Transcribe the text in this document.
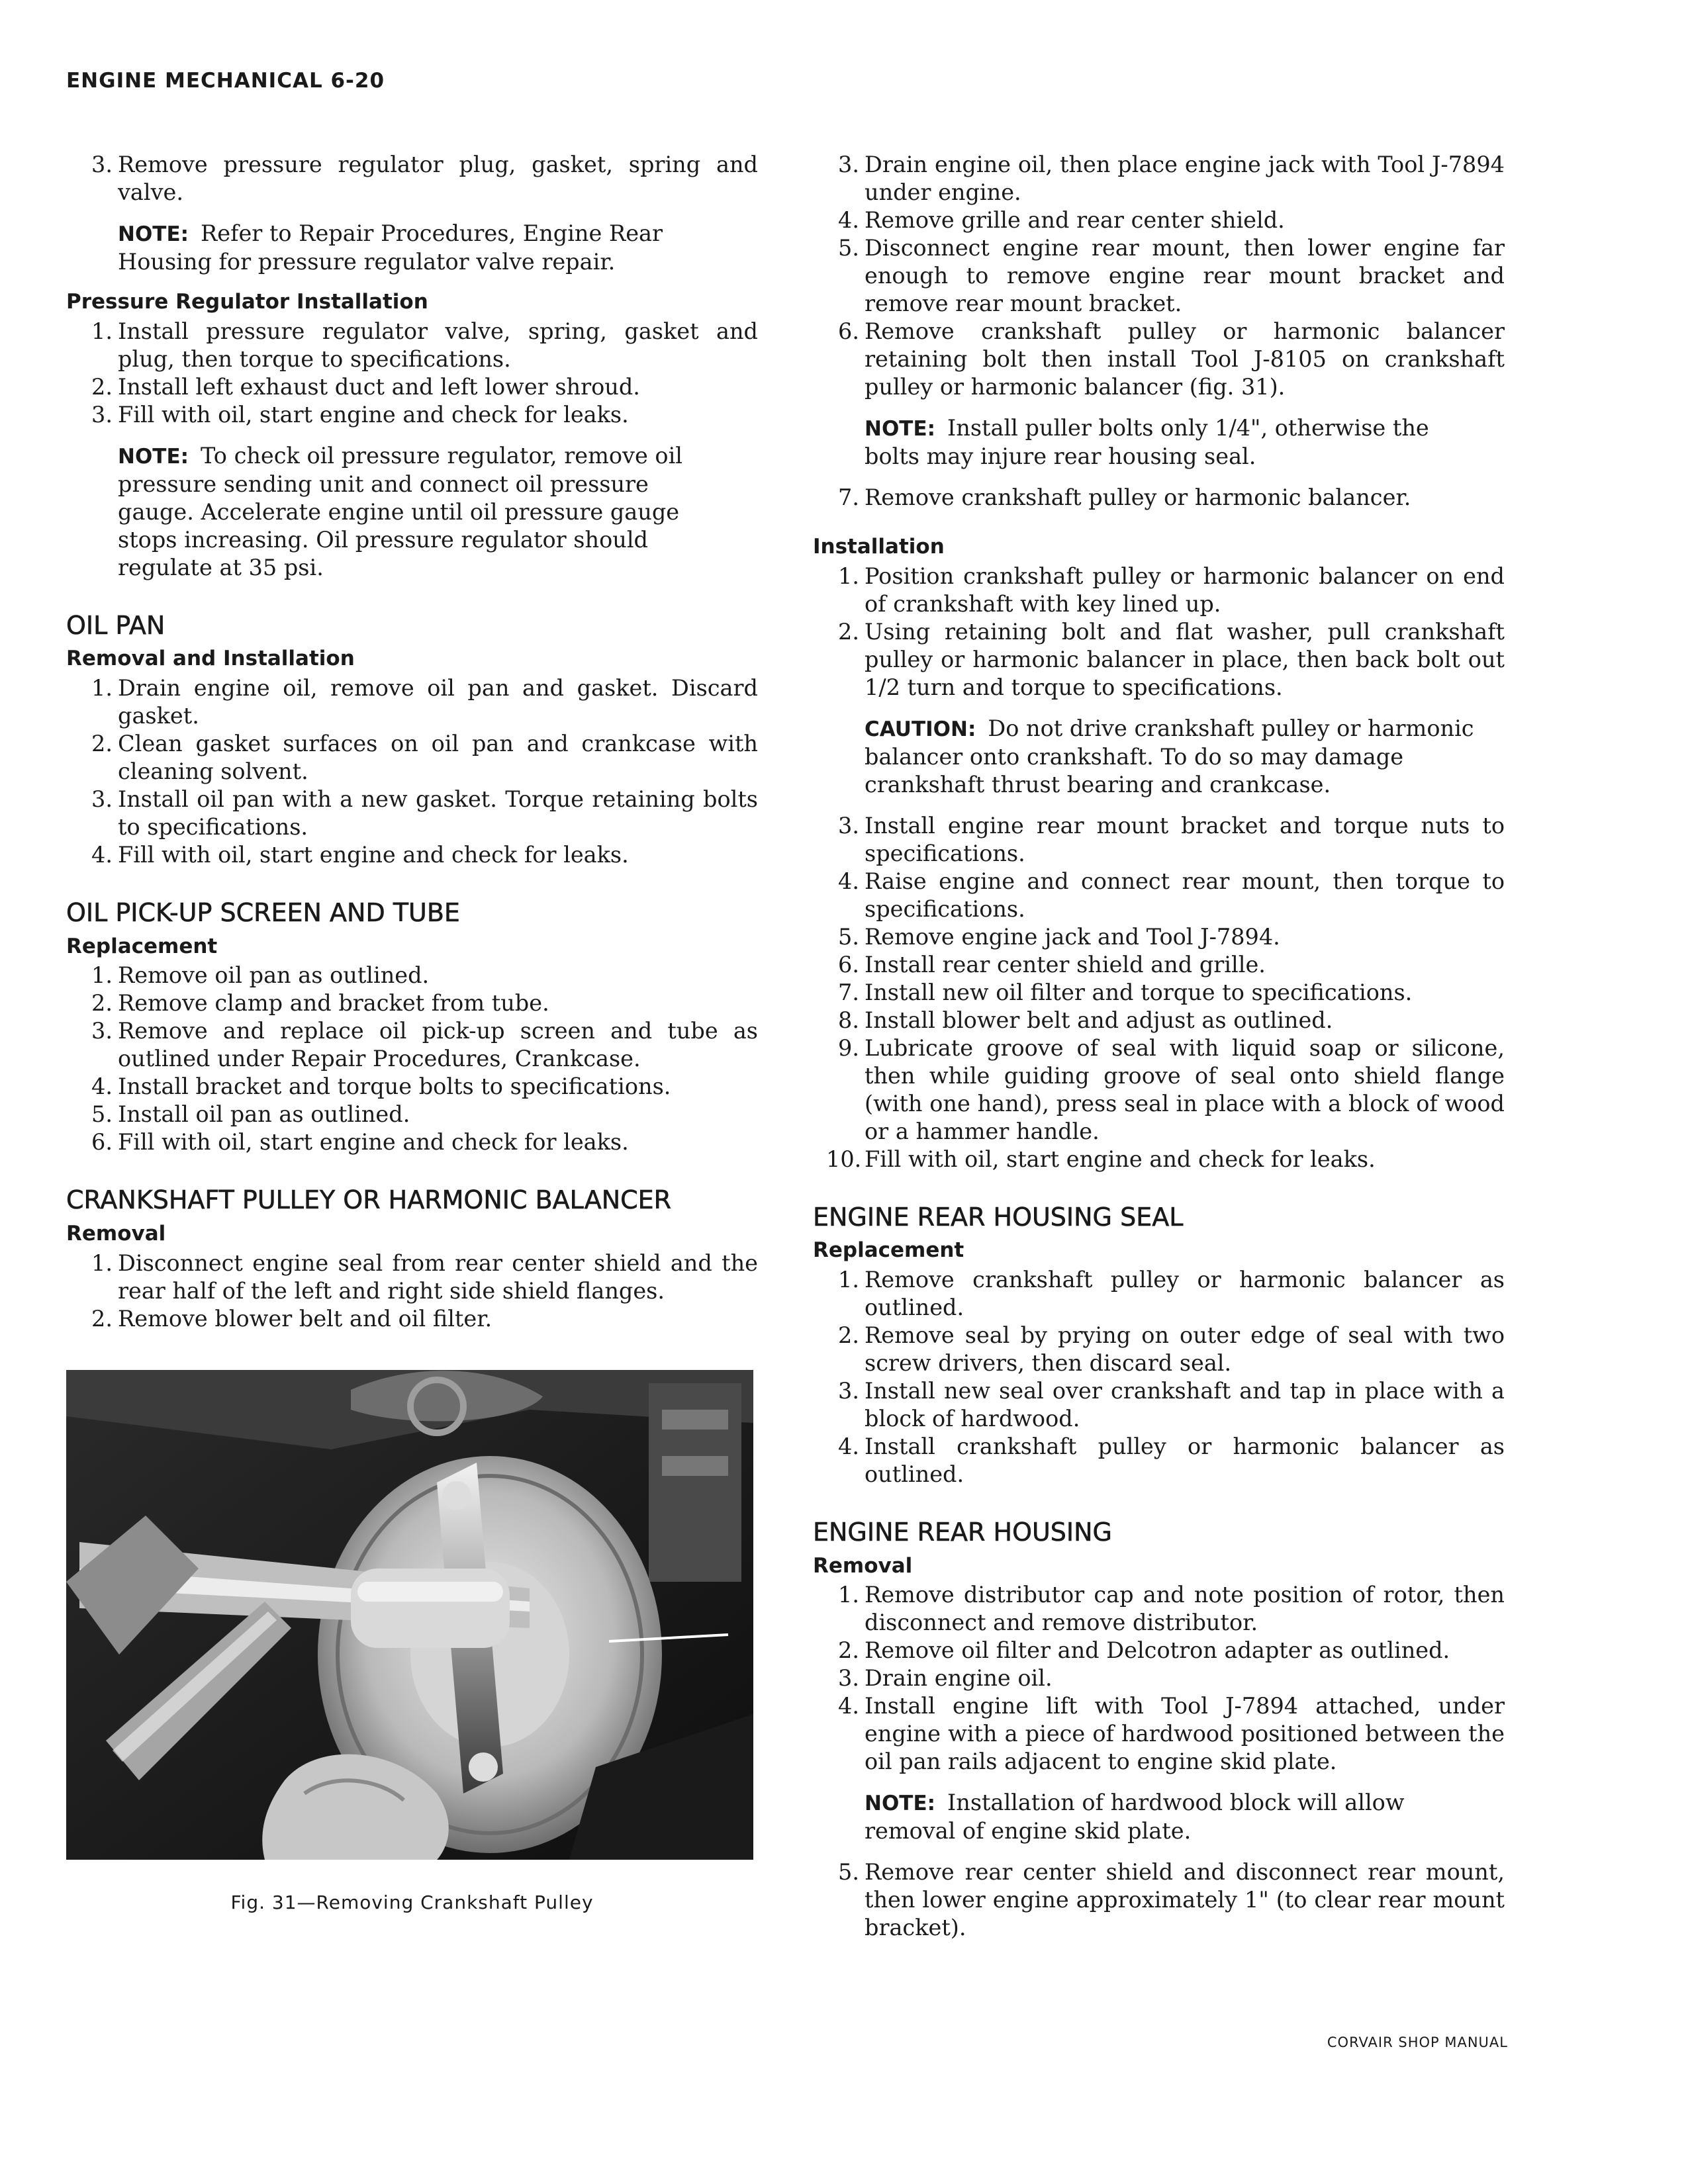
ENGINE MECHANICAL 6-20
3. Remove pressure regulator plug, gasket, spring and valve.
NOTE: Refer to Repair Procedures, Engine Rear Housing for pressure regulator valve repair.
Pressure Regulator Installation
1. Install pressure regulator valve, spring, gasket and plug, then torque to specifications.
2. Install left exhaust duct and left lower shroud.
3. Fill with oil, start engine and check for leaks.
NOTE: To check oil pressure regulator, remove oil pressure sending unit and connect oil pressure gauge. Accelerate engine until oil pressure gauge stops increasing. Oil pressure regulator should regulate at 35 psi.
OIL PAN
Removal and Installation
1. Drain engine oil, remove oil pan and gasket. Discard gasket.
2. Clean gasket surfaces on oil pan and crankcase with cleaning solvent.
3. Install oil pan with a new gasket. Torque retaining bolts to specifications.
4. Fill with oil, start engine and check for leaks.
OIL PICK-UP SCREEN AND TUBE
Replacement
1. Remove oil pan as outlined.
2. Remove clamp and bracket from tube.
3. Remove and replace oil pick-up screen and tube as outlined under Repair Procedures, Crankcase.
4. Install bracket and torque bolts to specifications.
5. Install oil pan as outlined.
6. Fill with oil, start engine and check for leaks.
CRANKSHAFT PULLEY OR HARMONIC BALANCER
Removal
1. Disconnect engine seal from rear center shield and the rear half of the left and right side shield flanges.
2. Remove blower belt and oil filter.
Fig. 31—Removing Crankshaft Pulley
3. Drain engine oil, then place engine jack with Tool J-7894 under engine.
4. Remove grille and rear center shield.
5. Disconnect engine rear mount, then lower engine far enough to remove engine rear mount bracket and remove rear mount bracket.
6. Remove crankshaft pulley or harmonic balancer retaining bolt then install Tool J-8105 on crankshaft pulley or harmonic balancer (fig. 31).
NOTE: Install puller bolts only 1/4", otherwise the bolts may injure rear housing seal.
7. Remove crankshaft pulley or harmonic balancer.
Installation
1. Position crankshaft pulley or harmonic balancer on end of crankshaft with key lined up.
2. Using retaining bolt and flat washer, pull crankshaft pulley or harmonic balancer in place, then back bolt out 1/2 turn and torque to specifications.
CAUTION: Do not drive crankshaft pulley or harmonic balancer onto crankshaft. To do so may damage crankshaft thrust bearing and crankcase.
3. Install engine rear mount bracket and torque nuts to specifications.
4. Raise engine and connect rear mount, then torque to specifications.
5. Remove engine jack and Tool J-7894.
6. Install rear center shield and grille.
7. Install new oil filter and torque to specifications.
8. Install blower belt and adjust as outlined.
9. Lubricate groove of seal with liquid soap or silicone, then while guiding groove of seal onto shield flange (with one hand), press seal in place with a block of wood or a hammer handle.
10. Fill with oil, start engine and check for leaks.
ENGINE REAR HOUSING SEAL
Replacement
1. Remove crankshaft pulley or harmonic balancer as outlined.
2. Remove seal by prying on outer edge of seal with two screw drivers, then discard seal.
3. Install new seal over crankshaft and tap in place with a block of hardwood.
4. Install crankshaft pulley or harmonic balancer as outlined.
ENGINE REAR HOUSING
Removal
1. Remove distributor cap and note position of rotor, then disconnect and remove distributor.
2. Remove oil filter and Delcotron adapter as outlined.
3. Drain engine oil.
4. Install engine lift with Tool J-7894 attached, under engine with a piece of hardwood positioned between the oil pan rails adjacent to engine skid plate.
NOTE: Installation of hardwood block will allow removal of engine skid plate.
5. Remove rear center shield and disconnect rear mount, then lower engine approximately 1" (to clear rear mount bracket).
CORVAIR SHOP MANUAL
